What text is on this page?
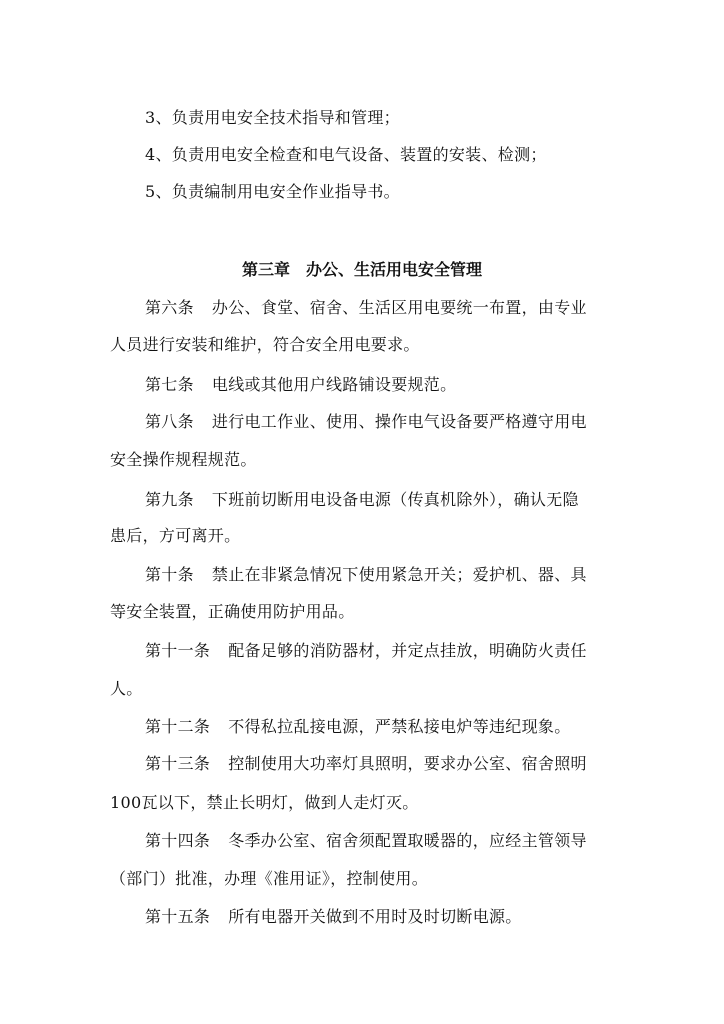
3、负责用电安全技术指导和管理；
4、负责用电安全检查和电气设备、装置的安装、检测；
5、负责编制用电安全作业指导书。
第三章　办公、生活用电安全管理
第六条 办公、食堂、宿舍、生活区用电要统一布置，由专业
人员进行安装和维护，符合安全用电要求。
第七条 电线或其他用户线路铺设要规范。
第八条 进行电工作业、使用、操作电气设备要严格遵守用电
安全操作规程规范。
第九条 下班前切断用电设备电源（传真机除外），确认无隐
患后，方可离开。
第十条 禁止在非紧急情况下使用紧急开关；爱护机、器、具
等安全装置，正确使用防护用品。
第十一条 配备足够的消防器材，并定点挂放，明确防火责任
人。
第十二条 不得私拉乱接电源，严禁私接电炉等违纪现象。
第十三条 控制使用大功率灯具照明，要求办公室、宿舍照明
100瓦以下，禁止长明灯，做到人走灯灭。
第十四条 冬季办公室、宿舍须配置取暖器的，应经主管领导
（部门）批准，办理《准用证》，控制使用。
第十五条 所有电器开关做到不用时及时切断电源。
